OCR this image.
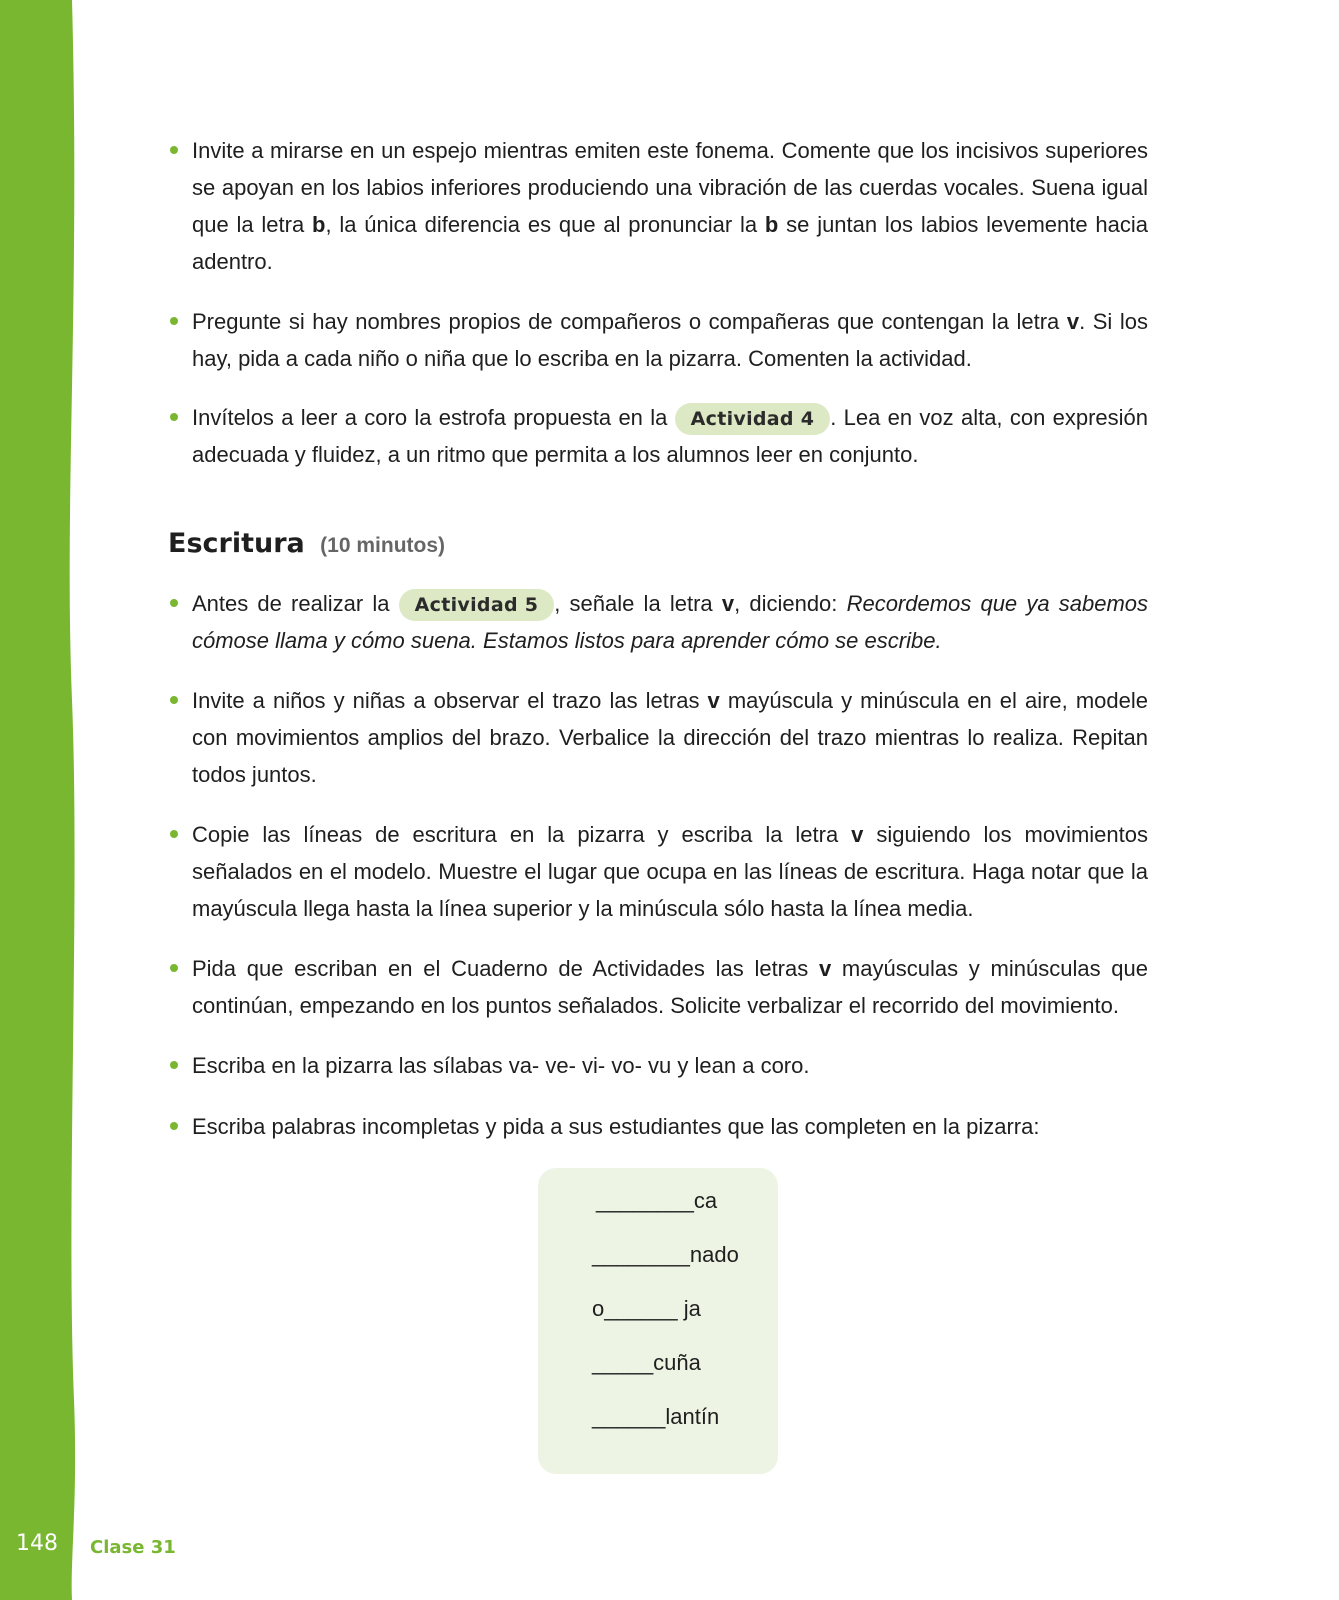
148 Clase 31
Invite a mirarse en un espejo mientras emiten este fonema. Comente que los incisivos superiores se apoyan en los labios inferiores produciendo una vibración de las cuerdas vocales. Suena igual que la letra b, la única diferencia es que al pronunciar la b se juntan los labios levemente hacia adentro.
Pregunte si hay nombres propios de compañeros o compañeras que contengan la letra v. Si los hay, pida a cada niño o niña que lo escriba en la pizarra. Comenten la actividad.
Invítelos a leer a coro la estrofa propuesta en la Actividad 4 . Lea en voz alta, con expresión adecuada y fluidez, a un ritmo que permita a los alumnos leer en conjunto.
Escritura (10 minutos)
Antes de realizar la Actividad 5 , señale la letra v, diciendo: Recordemos que ya sabemos cómose llama y cómo suena. Estamos listos para aprender cómo se escribe.
Invite a niños y niñas a observar el trazo las letras v mayúscula y minúscula en el aire, modele con movimientos amplios del brazo. Verbalice la dirección del trazo mientras lo realiza. Repitan todos juntos.
Copie las líneas de escritura en la pizarra y escriba la letra v siguiendo los movimientos señalados en el modelo. Muestre el lugar que ocupa en las líneas de escritura. Haga notar que la mayúscula llega hasta la línea superior y la minúscula sólo hasta la línea media.
Pida que escriban en el Cuaderno de Actividades las letras v mayúsculas y minúsculas que continúan, empezando en los puntos señalados. Solicite verbalizar el recorrido del movimiento.
Escriba en la pizarra las sílabas va- ve- vi- vo- vu y lean a coro.
Escriba palabras incompletas y pida a sus estudiantes que las completen en la pizarra:
________ca
________nado
o______ ja
_____cuña
______lantín
